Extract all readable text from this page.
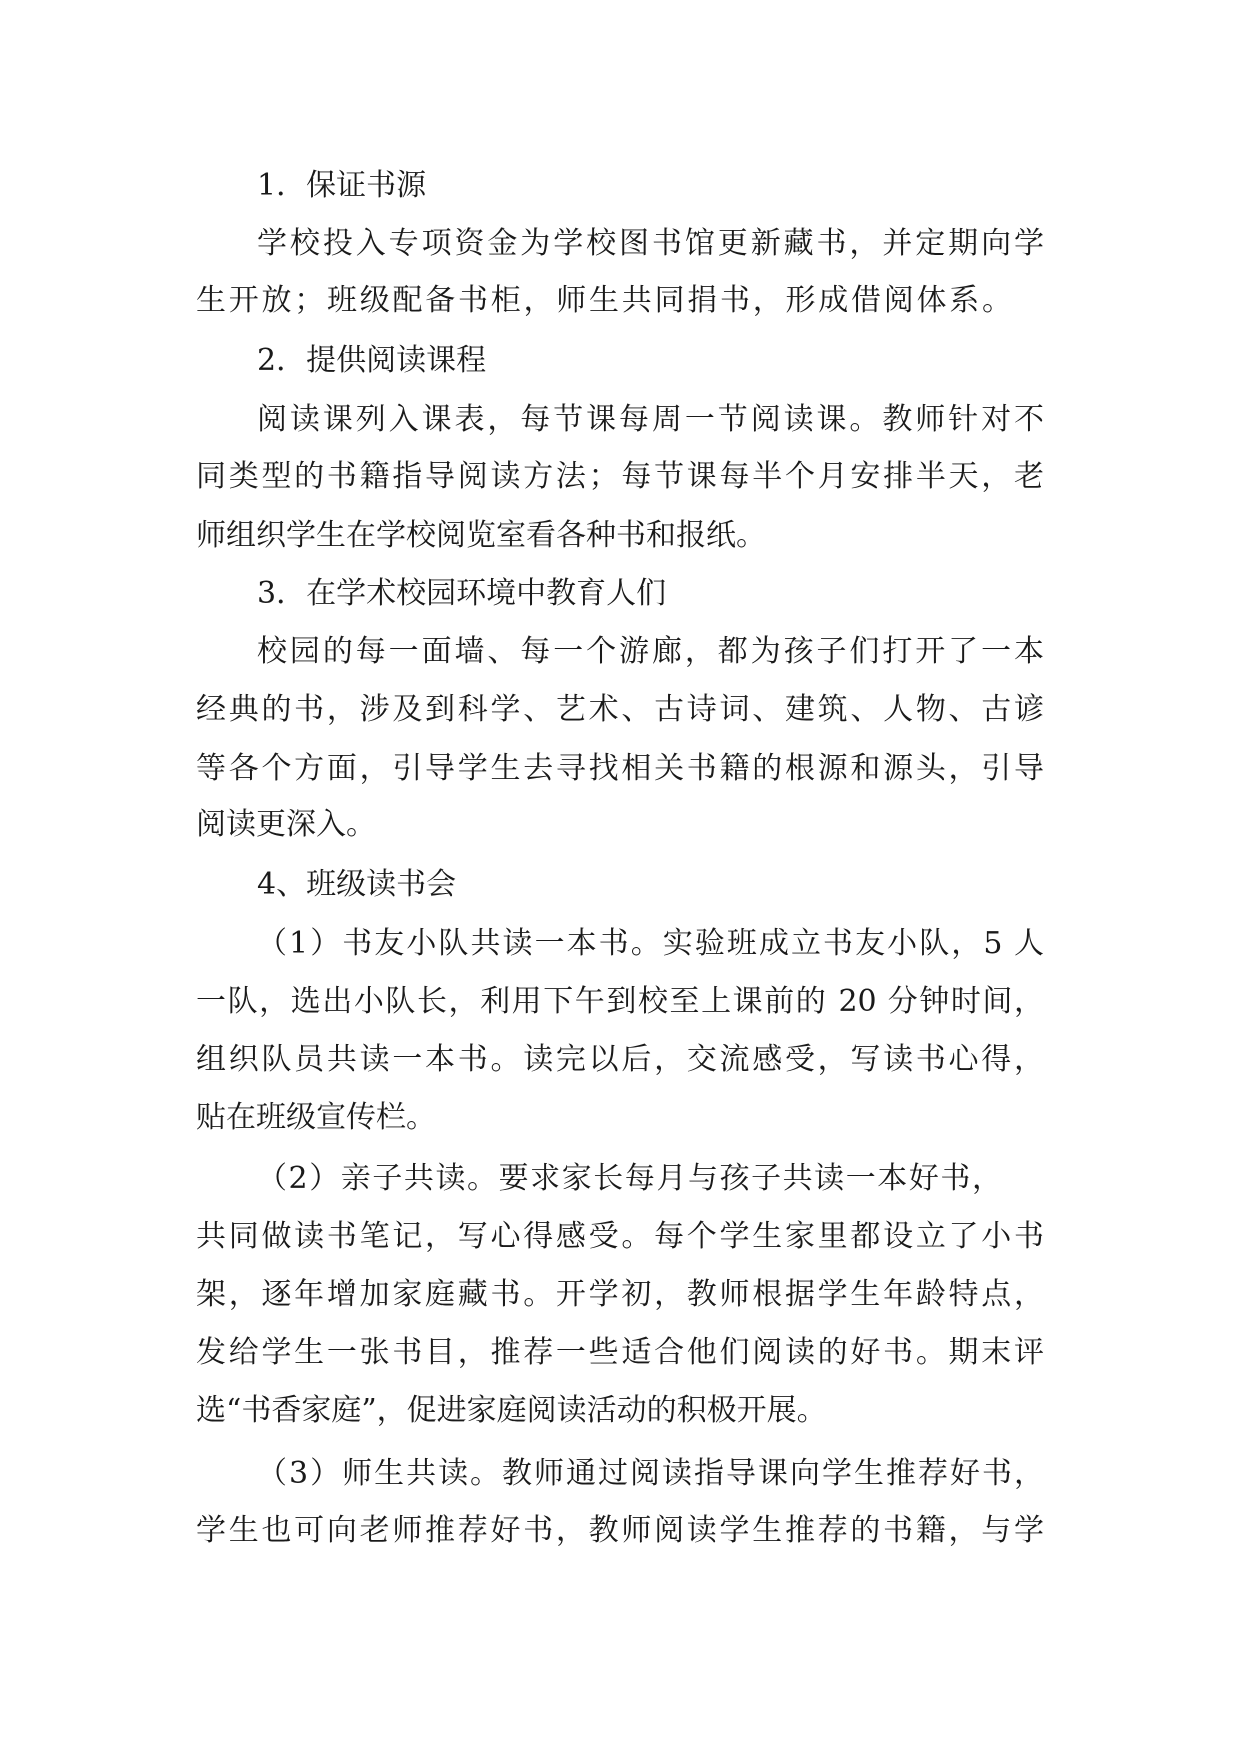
1．保证书源
学校投入专项资金为学校图书馆更新藏书，并定期向学
生开放；班级配备书柜，师生共同捐书，形成借阅体系。
2．提供阅读课程
阅读课列入课表，每节课每周一节阅读课。教师针对不
同类型的书籍指导阅读方法；每节课每半个月安排半天，老
师组织学生在学校阅览室看各种书和报纸。
3．在学术校园环境中教育人们
校园的每一面墙、每一个游廊，都为孩子们打开了一本
经典的书，涉及到科学、艺术、古诗词、建筑、人物、古谚
等各个方面，引导学生去寻找相关书籍的根源和源头，引导
阅读更深入。
4、班级读书会
（1）书友小队共读一本书。实验班成立书友小队，5 人
一队，选出小队长，利用下午到校至上课前的 20 分钟时间，
组织队员共读一本书。读完以后，交流感受，写读书心得，
贴在班级宣传栏。
（2）亲子共读。要求家长每月与孩子共读一本好书，
共同做读书笔记，写心得感受。每个学生家里都设立了小书
架，逐年增加家庭藏书。开学初，教师根据学生年龄特点，
发给学生一张书目，推荐一些适合他们阅读的好书。期末评
选“书香家庭”，促进家庭阅读活动的积极开展。
（3）师生共读。教师通过阅读指导课向学生推荐好书，
学生也可向老师推荐好书，教师阅读学生推荐的书籍，与学
